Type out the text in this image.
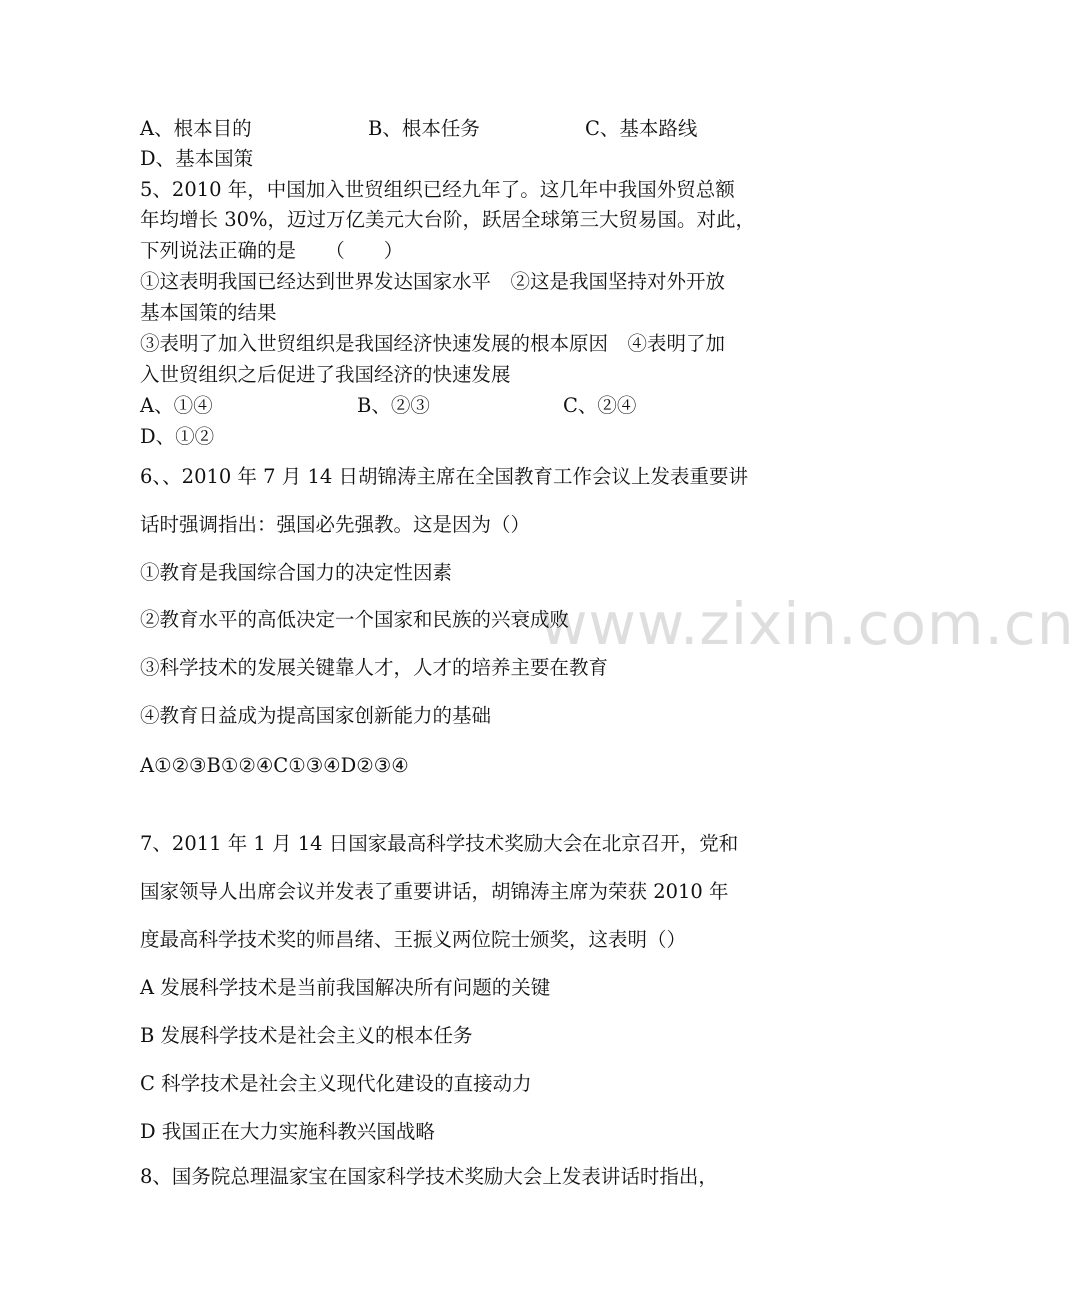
www.zixin.com.cn
A、根本目的	B、根本任务	C、基本路线
D、基本国策
5、2010 年，中国加入世贸组织已经九年了。这几年中我国外贸总额
年均增长 30%，迈过万亿美元大台阶，跃居全球第三大贸易国。对此，
下列说法正确的是　　（　　）
①这表明我国已经达到世界发达国家水平　②这是我国坚持对外开放
基本国策的结果
③表明了加入世贸组织是我国经济快速发展的根本原因　④表明了加
入世贸组织之后促进了我国经济的快速发展
A、①④	B、②③	C、②④
D、①②
6、、2010 年 7 月 14 日胡锦涛主席在全国教育工作会议上发表重要讲
话时强调指出：强国必先强教。这是因为（）
①教育是我国综合国力的决定性因素
②教育水平的高低决定一个国家和民族的兴衰成败
③科学技术的发展关键靠人才，人才的培养主要在教育
④教育日益成为提高国家创新能力的基础
A①②③B①②④C①③④D②③④
7、2011 年 1 月 14 日国家最高科学技术奖励大会在北京召开，党和
国家领导人出席会议并发表了重要讲话，胡锦涛主席为荣获 2010 年
度最高科学技术奖的师昌绪、王振义两位院士颁奖，这表明（）
A 发展科学技术是当前我国解决所有问题的关键
B 发展科学技术是社会主义的根本任务
C 科学技术是社会主义现代化建设的直接动力
D 我国正在大力实施科教兴国战略
8、国务院总理温家宝在国家科学技术奖励大会上发表讲话时指出，
